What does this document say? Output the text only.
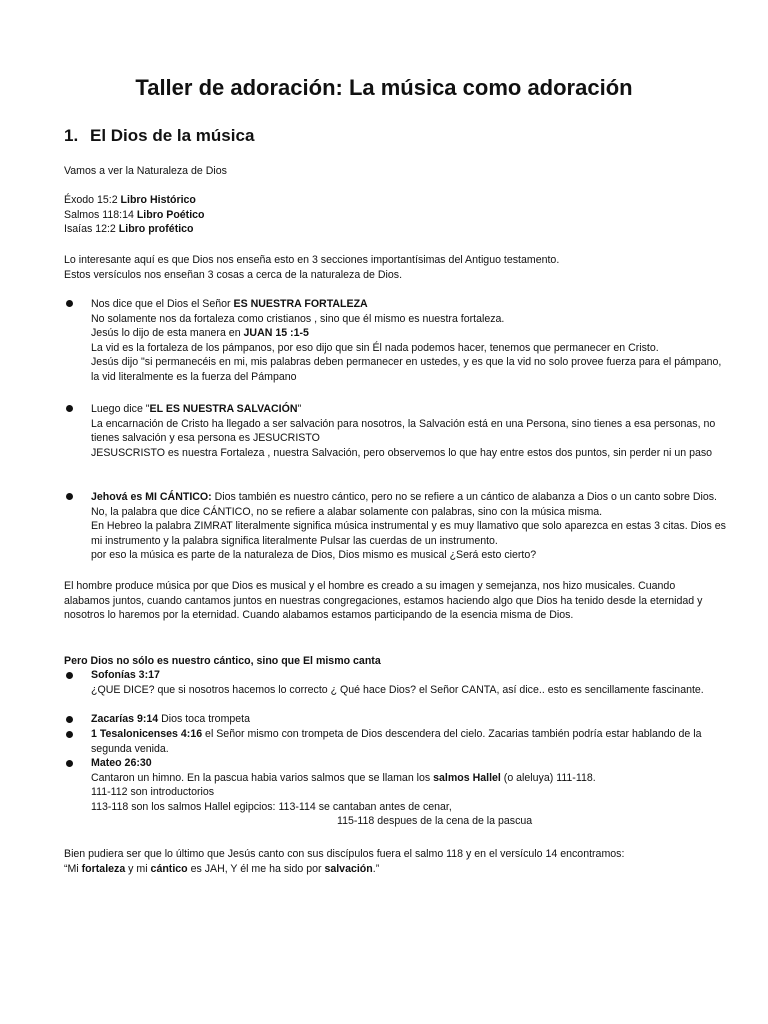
Taller de adoración: La música como adoración
1. El Dios de la música

Vamos a ver la Naturaleza de Dios

Éxodo 15:2 Libro Histórico

Salmos 118:14 Libro Poético

Isaías 12:2 Libro profético

Lo interesante aquí es que Dios nos enseña esto en 3 secciones importantísimas del Antiguo testamento.

Estos versículos nos enseñan 3 cosas a cerca de la naturaleza de Dios.

Nos dice que el Dios el Señor ES NUESTRA FORTALEZA

No solamente nos da fortaleza como cristianos , sino que él mismo es nuestra fortaleza.

Jesús lo dijo de esta manera en JUAN 15 :1-5

La vid es la fortaleza de los pámpanos, por eso dijo que sin Él nada podemos hacer, tenemos que permanecer en Cristo.

Jesús dijo "si permanecéis en mi, mis palabras deben permanecer en ustedes, y es que la vid no solo provee fuerza para el pámpano, la vid literalmente es la fuerza del Pámpano

Luego dice "EL ES NUESTRA SALVACIÓN"

La encarnación de Cristo ha llegado a ser salvación para nosotros, la Salvación está en una Persona, sino tienes a esa personas, no tienes salvación y esa persona es JESUCRISTO

JESUSCRISTO es nuestra Fortaleza , nuestra Salvación, pero observemos lo que hay entre estos dos puntos, sin perder ni un paso

Jehová es MI CÁNTICO: Dios también es nuestro cántico, pero no se refiere a un cántico de alabanza a Dios o un canto sobre Dios. No, la palabra que dice CÁNTICO, no se refiere a alabar solamente con palabras, sino con la música misma.

En Hebreo la palabra ZIMRAT literalmente significa música instrumental y es muy llamativo que solo aparezca en estas 3 citas. Dios es mi instrumento y la palabra significa literalmente Pulsar las cuerdas de un instrumento.

por eso la música es parte de la naturaleza de Dios, Dios mismo es musical ¿Será esto cierto?

El hombre produce música por que Dios es musical y el hombre es creado a su imagen y semejanza, nos hizo musicales. Cuando alabamos juntos, cuando cantamos juntos en nuestras congregaciones, estamos haciendo algo que Dios ha tenido desde la eternidad y nosotros lo haremos por la eternidad. Cuando alabamos estamos participando de la esencia misma de Dios.

Pero Dios no sólo es nuestro cántico, sino que El mismo canta

Sofonías 3:17

¿QUE DICE? que si nosotros hacemos lo correcto ¿ Qué hace Dios? el Señor CANTA, así dice.. esto es sencillamente fascinante.

Zacarías 9:14 Dios toca trompeta

1 Tesalonicenses 4:16 el Señor mismo con trompeta de Dios descendera del cielo. Zacarias también podría estar hablando de la segunda venida.

Mateo 26:30

Cantaron un himno. En la pascua habia varios salmos que se llaman los salmos Hallel (o aleluya) 111-118.

111-112 son introductorios

113-118 son los salmos Hallel egipcios: 113-114 se cantaban antes de cenar,

115-118 despues de la cena de la pascua

Bien pudiera ser que lo último que Jesús canto con sus discípulos fuera el salmo 118 y en el versículo 14 encontramos:

“Mi fortaleza y mi cántico es JAH, Y él me ha sido por salvación.”
